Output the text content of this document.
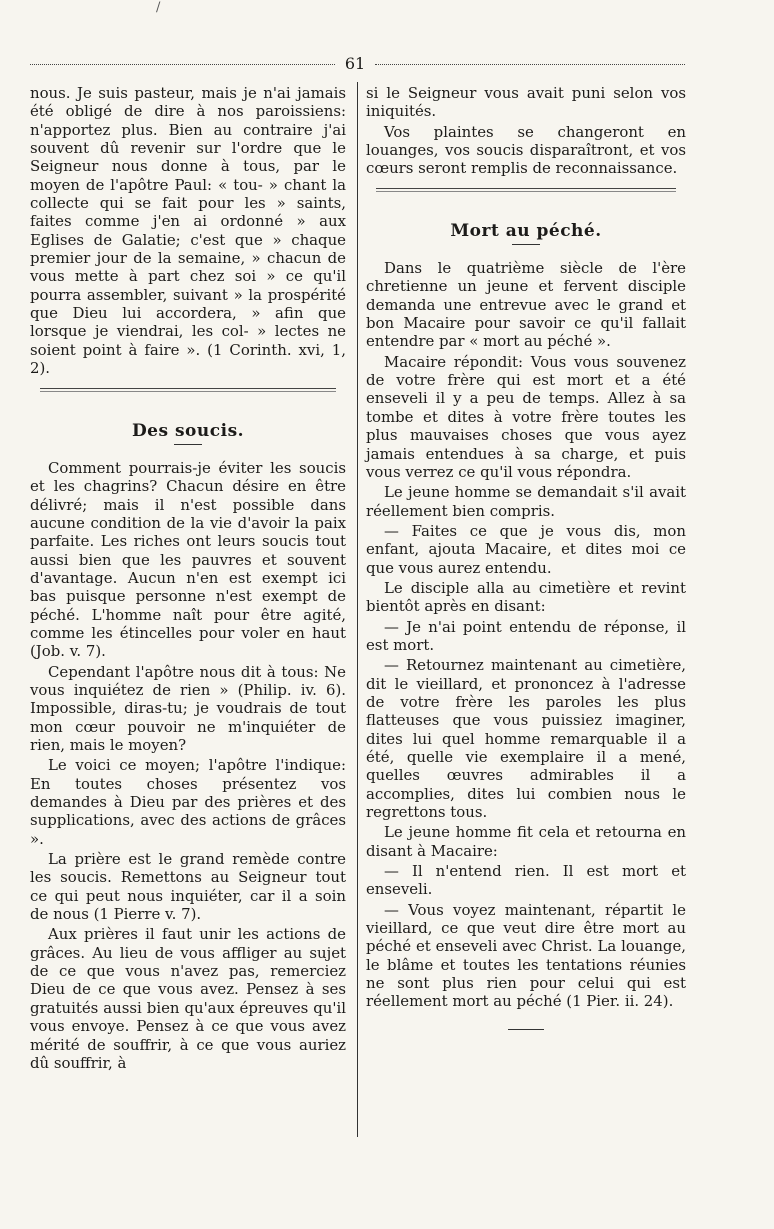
/
61

nous. Je suis pasteur, mais je n'ai jamais été obligé de dire à nos paroissiens: n'apportez plus. Bien au contraire j'ai souvent dû revenir sur l'ordre que le Seigneur nous donne à tous, par le moyen de l'apôtre Paul: « tou- » chant la collecte qui se fait pour les » saints, faites comme j'en ai ordonné » aux Eglises de Galatie; c'est que » chaque premier jour de la semaine, » chacun de vous mette à part chez soi » ce qu'il pourra assembler, suivant » la prospérité que Dieu lui accordera, » afin que lorsque je viendrai, les col- » lectes ne soient point à faire ». (1 Corinth. xvi, 1, 2).

Des soucis.

Comment pourrais-je éviter les soucis et les chagrins? Chacun désire en être délivré; mais il n'est possible dans aucune condition de la vie d'avoir la paix parfaite. Les riches ont leurs soucis tout aussi bien que les pauvres et souvent d'avantage. Aucun n'en est exempt ici bas puisque personne n'est exempt de péché. L'homme naît pour être agité, comme les étincelles pour voler en haut (Job. v. 7).

Cependant l'apôtre nous dit à tous: Ne vous inquiétez de rien » (Philip. iv. 6). Impossible, diras-tu; je voudrais de tout mon cœur pouvoir ne m'inquiéter de rien, mais le moyen?

Le voici ce moyen; l'apôtre l'indique: En toutes choses présentez vos demandes à Dieu par des prières et des supplications, avec des actions de grâces ».

La prière est le grand remède contre les soucis. Remettons au Seigneur tout ce qui peut nous inquiéter, car il a soin de nous (1 Pierre v. 7).

Aux prières il faut unir les actions de grâces. Au lieu de vous affliger au sujet de ce que vous n'avez pas, remerciez Dieu de ce que vous avez. Pensez à ses gratuités aussi bien qu'aux épreuves qu'il vous envoye. Pensez à ce que vous avez mérité de souffrir, à ce que vous auriez dû souffrir, à

si le Seigneur vous avait puni selon vos iniquités.

Vos plaintes se changeront en louanges, vos soucis disparaîtront, et vos cœurs seront remplis de reconnaissance.

Mort au péché.

Dans le quatrième siècle de l'ère chretienne un jeune et fervent disciple demanda une entrevue avec le grand et bon Macaire pour savoir ce qu'il fallait entendre par « mort au péché ».

Macaire répondit: Vous vous souvenez de votre frère qui est mort et a été enseveli il y a peu de temps. Allez à sa tombe et dites à votre frère toutes les plus mauvaises choses que vous ayez jamais entendues à sa charge, et puis vous verrez ce qu'il vous répondra.

Le jeune homme se demandait s'il avait réellement bien compris.

— Faites ce que je vous dis, mon enfant, ajouta Macaire, et dites moi ce que vous aurez entendu.

Le disciple alla au cimetière et revint bientôt après en disant:

— Je n'ai point entendu de réponse, il est mort.

— Retournez maintenant au cimetière, dit le vieillard, et prononcez à l'adresse de votre frère les paroles les plus flatteuses que vous puissiez imaginer, dites lui quel homme remarquable il a été, quelle vie exemplaire il a mené, quelles œuvres admirables il a accomplies, dites lui combien nous le regrettons tous.

Le jeune homme fit cela et retourna en disant à Macaire:

— Il n'entend rien. Il est mort et enseveli.

— Vous voyez maintenant, répartit le vieillard, ce que veut dire être mort au péché et enseveli avec Christ. La louange, le blâme et toutes les tentations réunies ne sont plus rien pour celui qui est réellement mort au péché (1 Pier. ii. 24).
